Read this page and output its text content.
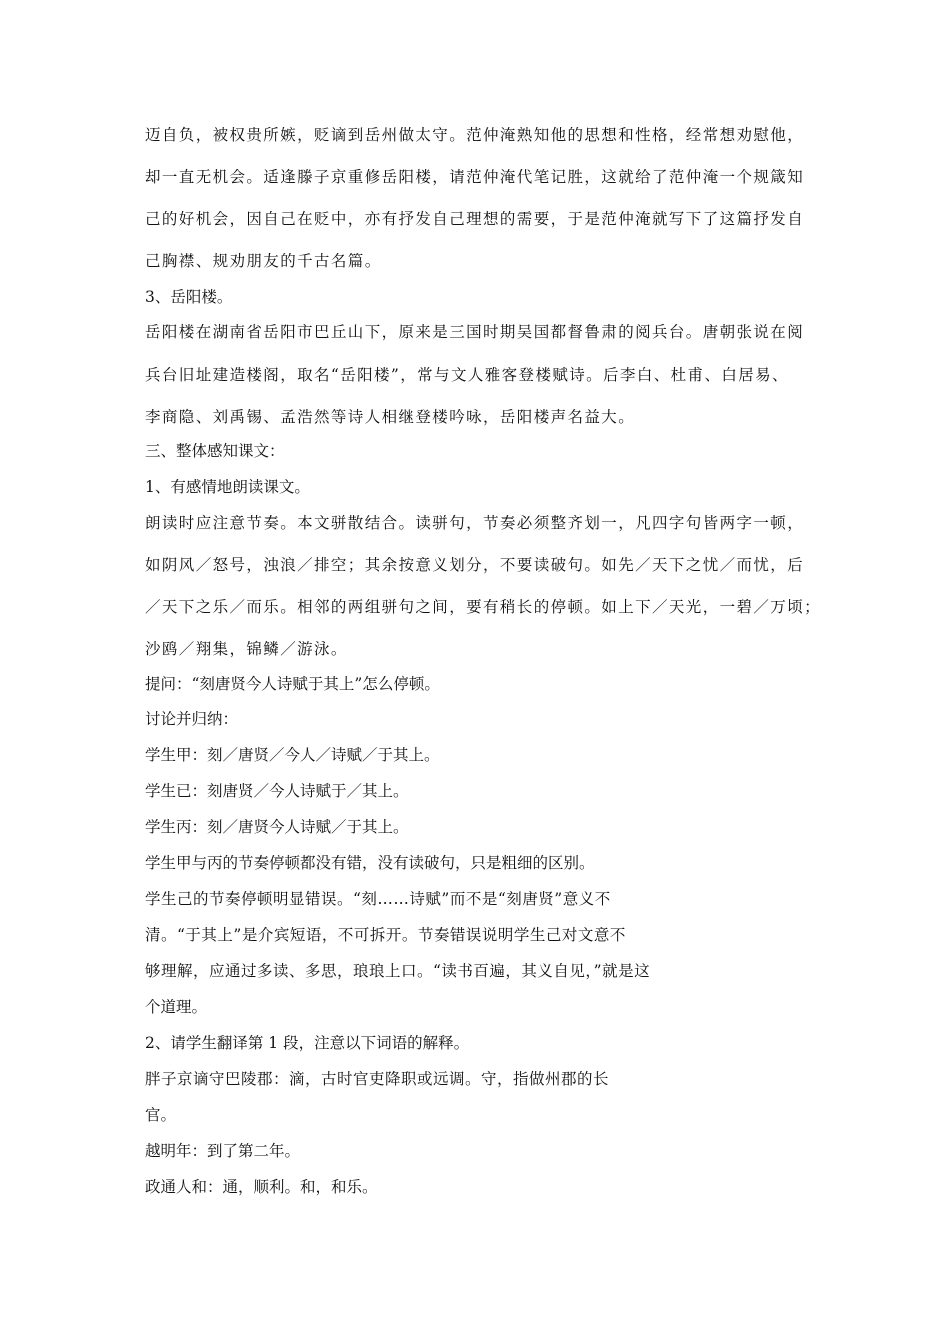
迈自负，被权贵所嫉，贬谪到岳州做太守。范仲淹熟知他的思想和性格，经常想劝慰他，

却一直无机会。适逢滕子京重修岳阳楼，请范仲淹代笔记胜，这就给了范仲淹一个规箴知

己的好机会，因自己在贬中，亦有抒发自己理想的需要，于是范仲淹就写下了这篇抒发自

己胸襟、规劝朋友的千古名篇。

3、岳阳楼。

岳阳楼在湖南省岳阳市巴丘山下，原来是三国时期吴国都督鲁肃的阅兵台。唐朝张说在阅

兵台旧址建造楼阁，取名“岳阳楼”，常与文人雅客登楼赋诗。后李白、杜甫、白居易、

李商隐、刘禹锡、孟浩然等诗人相继登楼吟咏，岳阳楼声名益大。

三、整体感知课文：

1、有感情地朗读课文。

朗读时应注意节奏。本文骈散结合。读骈句，节奏必须整齐划一，凡四字句皆两字一顿，

如阴风／怒号，浊浪／排空；其余按意义划分，不要读破句。如先／天下之忧／而忧，后

／天下之乐／而乐。相邻的两组骈句之间，要有稍长的停顿。如上下／天光，一碧／万顷；

沙鸥／翔集，锦鳞／游泳。

提问：“刻唐贤今人诗赋于其上”怎么停顿。

讨论并归纳：

学生甲：刻／唐贤／今人／诗赋／于其上。

学生已：刻唐贤／今人诗赋于／其上。

学生丙：刻／唐贤今人诗赋／于其上。

学生甲与丙的节奏停顿都没有错，没有读破句，只是粗细的区别。

学生己的节奏停顿明显错误。“刻……诗赋”而不是“刻唐贤”意义不

清。“于其上”是介宾短语，不可拆开。节奏错误说明学生己对文意不

够理解，应通过多读、多思，琅琅上口。“读书百遍，其义自见，”就是这

个道理。

2、请学生翻译第 1 段，注意以下词语的解释。

胖子京谪守巴陵郡：滴，古时官吏降职或远调。守，指做州郡的长

官。

越明年：到了第二年。

政通人和：通，顺利。和，和乐。
